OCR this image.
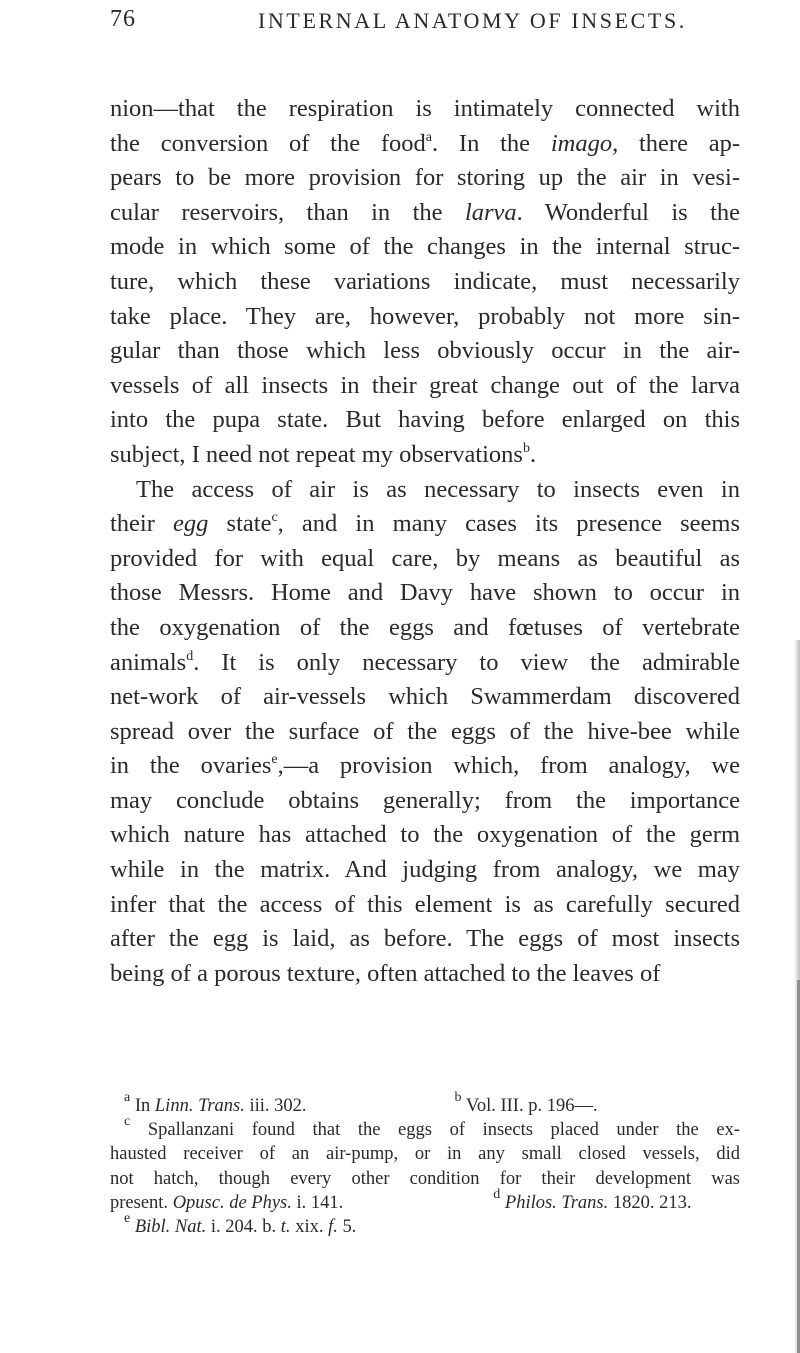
76	INTERNAL ANATOMY OF INSECTS.
nion—that the respiration is intimately connected with
the conversion of the food$^a$. In the imago, there ap-
pears to be more provision for storing up the air in vesi-
cular reservoirs, than in the larva. Wonderful is the
mode in which some of the changes in the internal struc-
ture, which these variations indicate, must necessarily
take place. They are, however, probably not more sin-
gular than those which less obviously occur in the air-
vessels of all insects in their great change out of the larva
into the pupa state. But having before enlarged on this
subject, I need not repeat my observations$^b$.
The access of air is as necessary to insects even in
their egg state$^c$, and in many cases its presence seems
provided for with equal care, by means as beautiful as
those Messrs. Home and Davy have shown to occur in
the oxygenation of the eggs and fœtuses of vertebrate
animals$^d$. It is only necessary to view the admirable
net-work of air-vessels which Swammerdam discovered
spread over the surface of the eggs of the hive-bee while
in the ovaries$^e$,—a provision which, from analogy, we
may conclude obtains generally; from the importance
which nature has attached to the oxygenation of the germ
while in the matrix. And judging from analogy, we may
infer that the access of this element is as carefully secured
after the egg is laid, as before. The eggs of most insects
being of a porous texture, often attached to the leaves of
$^a$ In Linn. Trans. iii. 302.	$^b$ Vol. III. p. 196—.
$^c$ Spallanzani found that the eggs of insects placed under the ex-
hausted receiver of an air-pump, or in any small closed vessels, did
not hatch, though every other condition for their development was
present. Opusc. de Phys. i. 141.	$^d$ Philos. Trans. 1820. 213.
$^e$ Bibl. Nat. i. 204. b. t. xix. f. 5.
